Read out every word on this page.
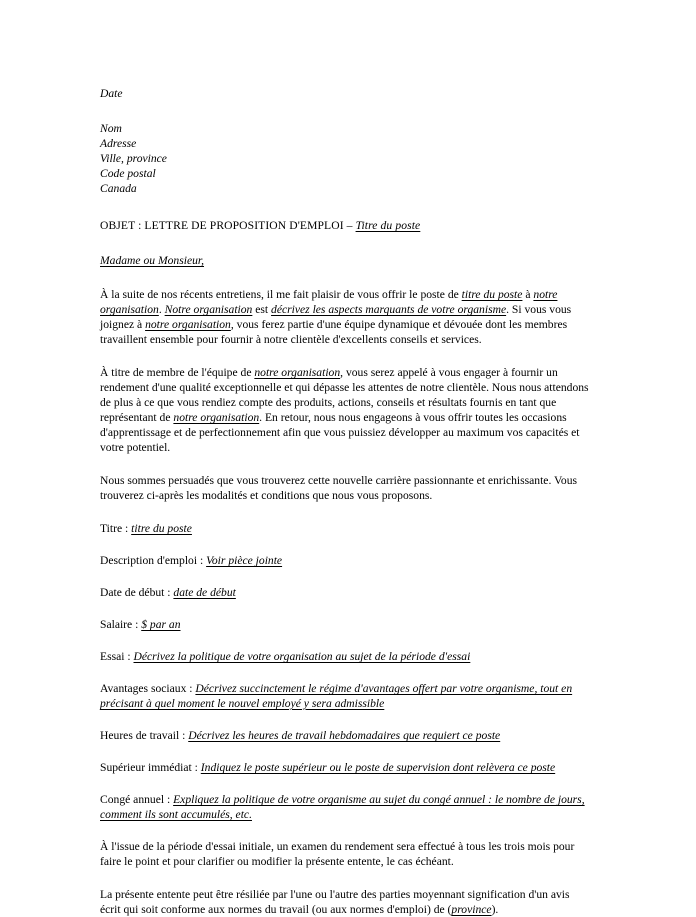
Date
Nom
Adresse
Ville, province
Code postal
Canada
OBJET : LETTRE DE PROPOSITION D'EMPLOI – Titre du poste
Madame ou Monsieur,

À la suite de nos récents entretiens, il me fait plaisir de vous offrir le poste de titre du poste à notre organisation. Notre organisation est décrivez les aspects marquants de votre organisme. Si vous vous joignez à notre organisation, vous ferez partie d'une équipe dynamique et dévouée dont les membres travaillent ensemble pour fournir à notre clientèle d'excellents conseils et services.

À titre de membre de l'équipe de notre organisation, vous serez appelé à vous engager à fournir un rendement d'une qualité exceptionnelle et qui dépasse les attentes de notre clientèle. Nous nous attendons de plus à ce que vous rendiez compte des produits, actions, conseils et résultats fournis en tant que représentant de notre organisation. En retour, nous nous engageons à vous offrir toutes les occasions d'apprentissage et de perfectionnement afin que vous puissiez développer au maximum vos capacités et votre potentiel.

Nous sommes persuadés que vous trouverez cette nouvelle carrière passionnante et enrichissante. Vous trouverez ci-après les modalités et conditions que nous vous proposons.

Titre : titre du poste
Description d'emploi : Voir pièce jointe
Date de début : date de début
Salaire : $ par an
Essai : Décrivez la politique de votre organisation au sujet de la période d'essai
Avantages sociaux : Décrivez succinctement le régime d'avantages offert par votre organisme, tout en précisant à quel moment le nouvel employé y sera admissible
Heures de travail : Décrivez les heures de travail hebdomadaires que requiert ce poste
Supérieur immédiat : Indiquez le poste supérieur ou le poste de supervision dont relèvera ce poste
Congé annuel : Expliquez la politique de votre organisme au sujet du congé annuel : le nombre de jours, comment ils sont accumulés, etc.

À l'issue de la période d'essai initiale, un examen du rendement sera effectué à tous les trois mois pour faire le point et pour clarifier ou modifier la présente entente, le cas échéant.

La présente entente peut être résiliée par l'une ou l'autre des parties moyennant signification d'un avis écrit qui soit conforme aux normes du travail (ou aux normes d'emploi) de (province).
